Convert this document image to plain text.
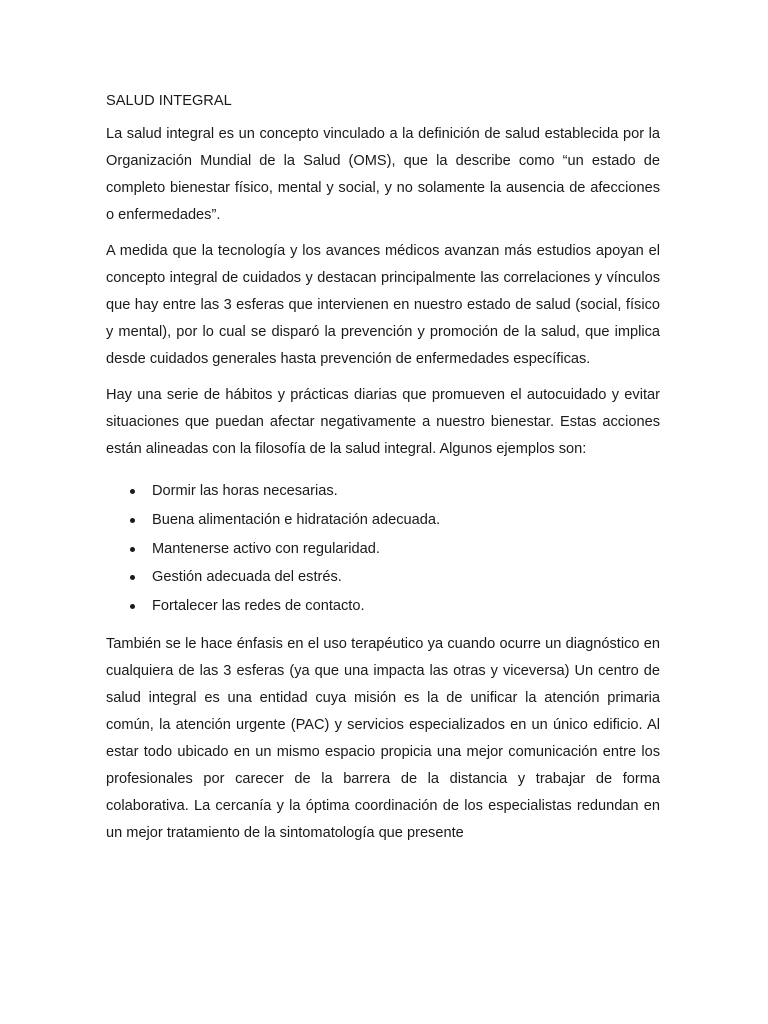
SALUD INTEGRAL

La salud integral es un concepto vinculado a la definición de salud establecida por la Organización Mundial de la Salud (OMS), que la describe como “un estado de completo bienestar físico, mental y social, y no solamente la ausencia de afecciones o enfermedades”.

A medida que la tecnología y los avances médicos avanzan más estudios apoyan el concepto integral de cuidados y destacan principalmente las correlaciones y vínculos que hay entre las 3 esferas que intervienen en nuestro estado de salud (social, físico y mental), por lo cual se disparó la prevención y promoción de la salud, que implica desde cuidados generales hasta prevención de enfermedades específicas.

Hay una serie de hábitos y prácticas diarias que promueven el autocuidado y evitar situaciones que puedan afectar negativamente a nuestro bienestar. Estas acciones están alineadas con la filosofía de la salud integral. Algunos ejemplos son:

Dormir las horas necesarias.
Buena alimentación e hidratación adecuada.
Mantenerse activo con regularidad.
Gestión adecuada del estrés.
Fortalecer las redes de contacto.

También se le hace énfasis en el uso terapéutico ya cuando ocurre un diagnóstico en cualquiera de las 3 esferas (ya que una impacta las otras y viceversa) Un centro de salud integral es una entidad cuya misión es la de unificar la atención primaria común, la atención urgente (PAC) y servicios especializados en un único edificio. Al estar todo ubicado en un mismo espacio propicia una mejor comunicación entre los profesionales por carecer de la barrera de la distancia y trabajar de forma colaborativa. La cercanía y la óptima coordinación de los especialistas redundan en un mejor tratamiento de la sintomatología que presente
